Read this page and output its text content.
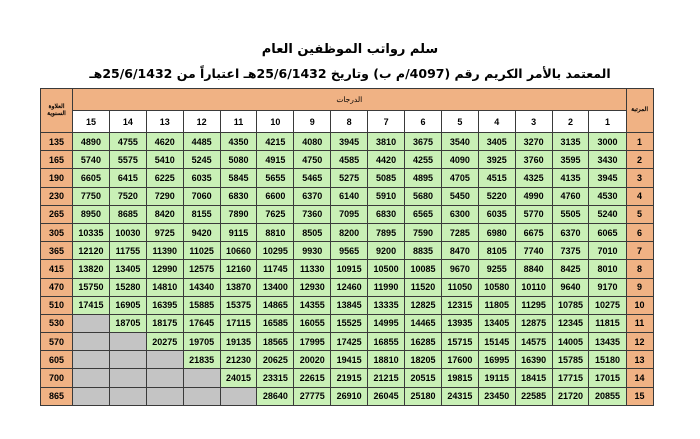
سلم رواتب الموظفين العام
المعتمد بالأمر الكريم رقم (4097/م ب) وتاريخ 25/6/1432هـ اعتباراً من 25/6/1432هـ
العلاوة السنوية	الدرجات															المرتبة
	15	14	13	12	11	10	9	8	7	6	5	4	3	2	1	
135	4890	4755	4620	4485	4350	4215	4080	3945	3810	3675	3540	3405	3270	3135	3000	1
165	5740	5575	5410	5245	5080	4915	4750	4585	4420	4255	4090	3925	3760	3595	3430	2
190	6605	6415	6225	6035	5845	5655	5465	5275	5085	4895	4705	4515	4325	4135	3945	3
230	7750	7520	7290	7060	6830	6600	6370	6140	5910	5680	5450	5220	4990	4760	4530	4
265	8950	8685	8420	8155	7890	7625	7360	7095	6830	6565	6300	6035	5770	5505	5240	5
305	10335	10030	9725	9420	9115	8810	8505	8200	7895	7590	7285	6980	6675	6370	6065	6
365	12120	11755	11390	11025	10660	10295	9930	9565	9200	8835	8470	8105	7740	7375	7010	7
415	13820	13405	12990	12575	12160	11745	11330	10915	10500	10085	9670	9255	8840	8425	8010	8
470	15750	15280	14810	14340	13870	13400	12930	12460	11990	11520	11050	10580	10110	9640	9170	9
510	17415	16905	16395	15885	15375	14865	14355	13845	13335	12825	12315	11805	11295	10785	10275	10
530		18705	18175	17645	17115	16585	16055	15525	14995	14465	13935	13405	12875	12345	11815	11
570			20275	19705	19135	18565	17995	17425	16855	16285	15715	15145	14575	14005	13435	12
605				21835	21230	20625	20020	19415	18810	18205	17600	16995	16390	15785	15180	13
700					24015	23315	22615	21915	21215	20515	19815	19115	18415	17715	17015	14
865						28640	27775	26910	26045	25180	24315	23450	22585	21720	20855	15
